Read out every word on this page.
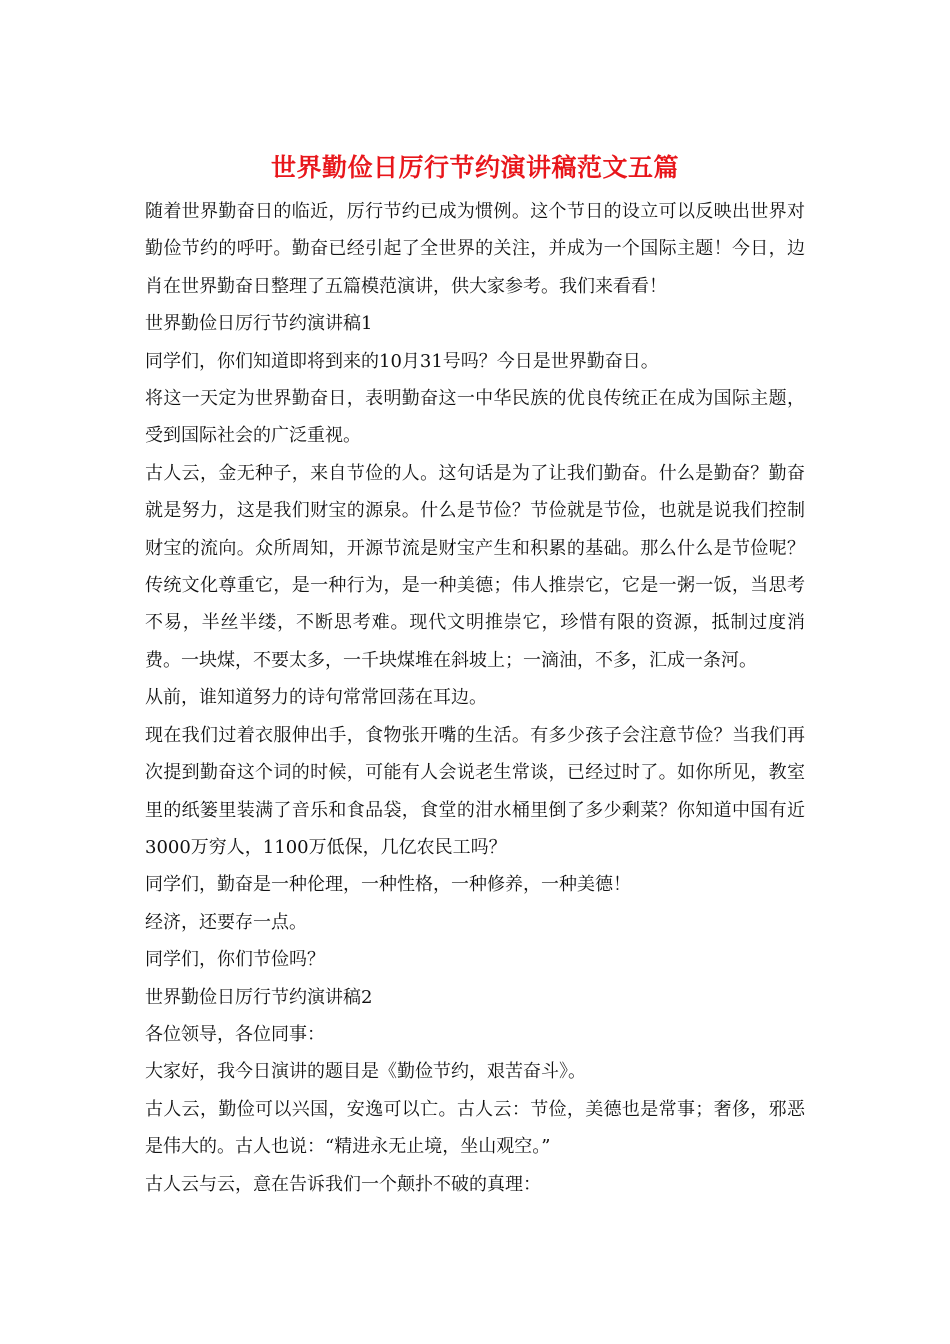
世界勤俭日厉行节约演讲稿范文五篇

随着世界勤奋日的临近，厉行节约已成为惯例。这个节日的设立可以反映出世界对勤俭节约的呼吁。勤奋已经引起了全世界的关注，并成为一个国际主题！今日，边肖在世界勤奋日整理了五篇模范演讲，供大家参考。我们来看看！

世界勤俭日厉行节约演讲稿1

同学们，你们知道即将到来的10月31号吗？今日是世界勤奋日。

将这一天定为世界勤奋日，表明勤奋这一中华民族的优良传统正在成为国际主题，受到国际社会的广泛重视。

古人云，金无种子，来自节俭的人。这句话是为了让我们勤奋。什么是勤奋？勤奋就是努力，这是我们财宝的源泉。什么是节俭？节俭就是节俭，也就是说我们控制财宝的流向。众所周知，开源节流是财宝产生和积累的基础。那么什么是节俭呢？传统文化尊重它，是一种行为，是一种美德；伟人推崇它，它是一粥一饭，当思考不易，半丝半缕，不断思考难。现代文明推崇它，珍惜有限的资源，抵制过度消费。一块煤，不要太多，一千块煤堆在斜坡上；一滴油，不多，汇成一条河。

从前，谁知道努力的诗句常常回荡在耳边。

现在我们过着衣服伸出手，食物张开嘴的生活。有多少孩子会注意节俭？当我们再次提到勤奋这个词的时候，可能有人会说老生常谈，已经过时了。如你所见，教室里的纸篓里装满了音乐和食品袋，食堂的泔水桶里倒了多少剩菜？你知道中国有近3000万穷人，1100万低保，几亿农民工吗？

同学们，勤奋是一种伦理，一种性格，一种修养，一种美德！

经济，还要存一点。

同学们，你们节俭吗？

世界勤俭日厉行节约演讲稿2

各位领导，各位同事：

大家好，我今日演讲的题目是《勤俭节约，艰苦奋斗》。

古人云，勤俭可以兴国，安逸可以亡。古人云：节俭，美德也是常事；奢侈，邪恶是伟大的。古人也说：“精进永无止境，坐山观空。”

古人云与云，意在告诉我们一个颠扑不破的真理：
